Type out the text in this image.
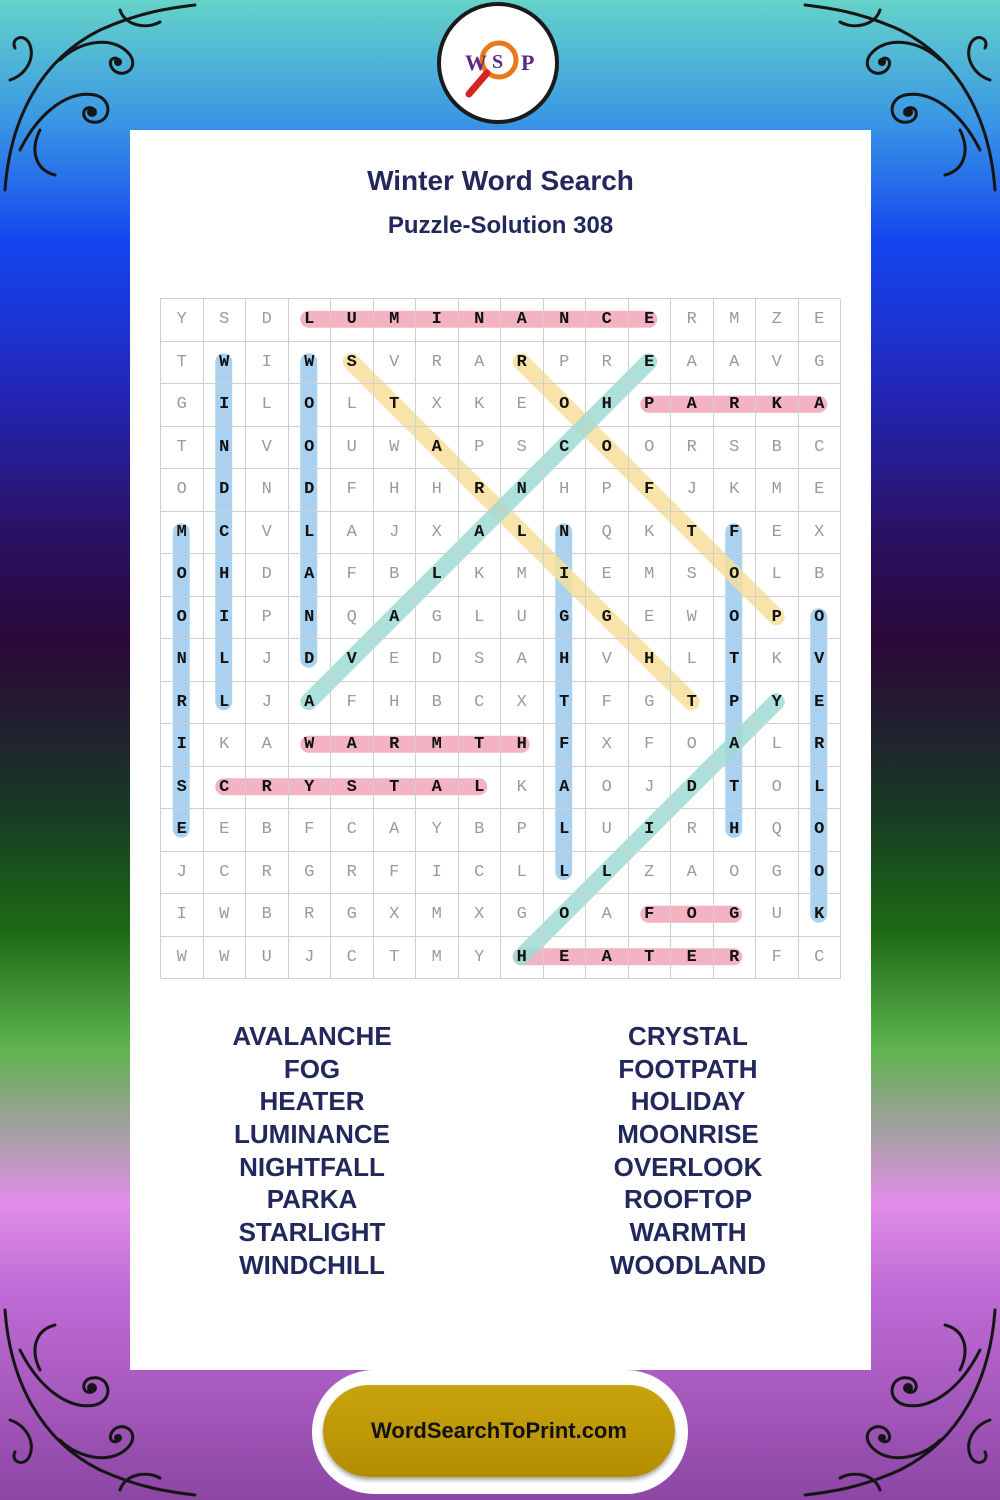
W S P
Winter Word Search
Puzzle-Solution 308
Y	S	D	L	U	M	I	N	A	N	C	E	R	M	Z	E
T	W	I	W	S	V	R	A	R	P	R	E	A	A	V	G
G	I	L	O	L	T	X	K	E	O	H	P	A	R	K	A
T	N	V	O	U	W	A	P	S	C	O	O	R	S	B	C
O	D	N	D	F	H	H	R	N	H	P	F	J	K	M	E
M	C	V	L	A	J	X	A	L	N	Q	K	T	F	E	X
O	H	D	A	F	B	L	K	M	I	E	M	S	O	L	B
O	I	P	N	Q	A	G	L	U	G	G	E	W	O	P	O
N	L	J	D	V	E	D	S	A	H	V	H	L	T	K	V
R	L	J	A	F	H	B	C	X	T	F	G	T	P	Y	E
I	K	A	W	A	R	M	T	H	F	X	F	O	A	L	R
S	C	R	Y	S	T	A	L	K	A	O	J	D	T	O	L
E	E	B	F	C	A	Y	B	P	L	U	I	R	H	Q	O
J	C	R	G	R	F	I	C	L	L	L	Z	A	O	G	O
I	W	B	R	G	X	M	X	G	O	A	F	O	G	U	K
W	W	U	J	C	T	M	Y	H	E	A	T	E	R	F	C
AVALANCHE
FOG
HEATER
LUMINANCE
NIGHTFALL
PARKA
STARLIGHT
WINDCHILL
CRYSTAL
FOOTPATH
HOLIDAY
MOONRISE
OVERLOOK
ROOFTOP
WARMTH
WOODLAND
WordSearchToPrint.com
